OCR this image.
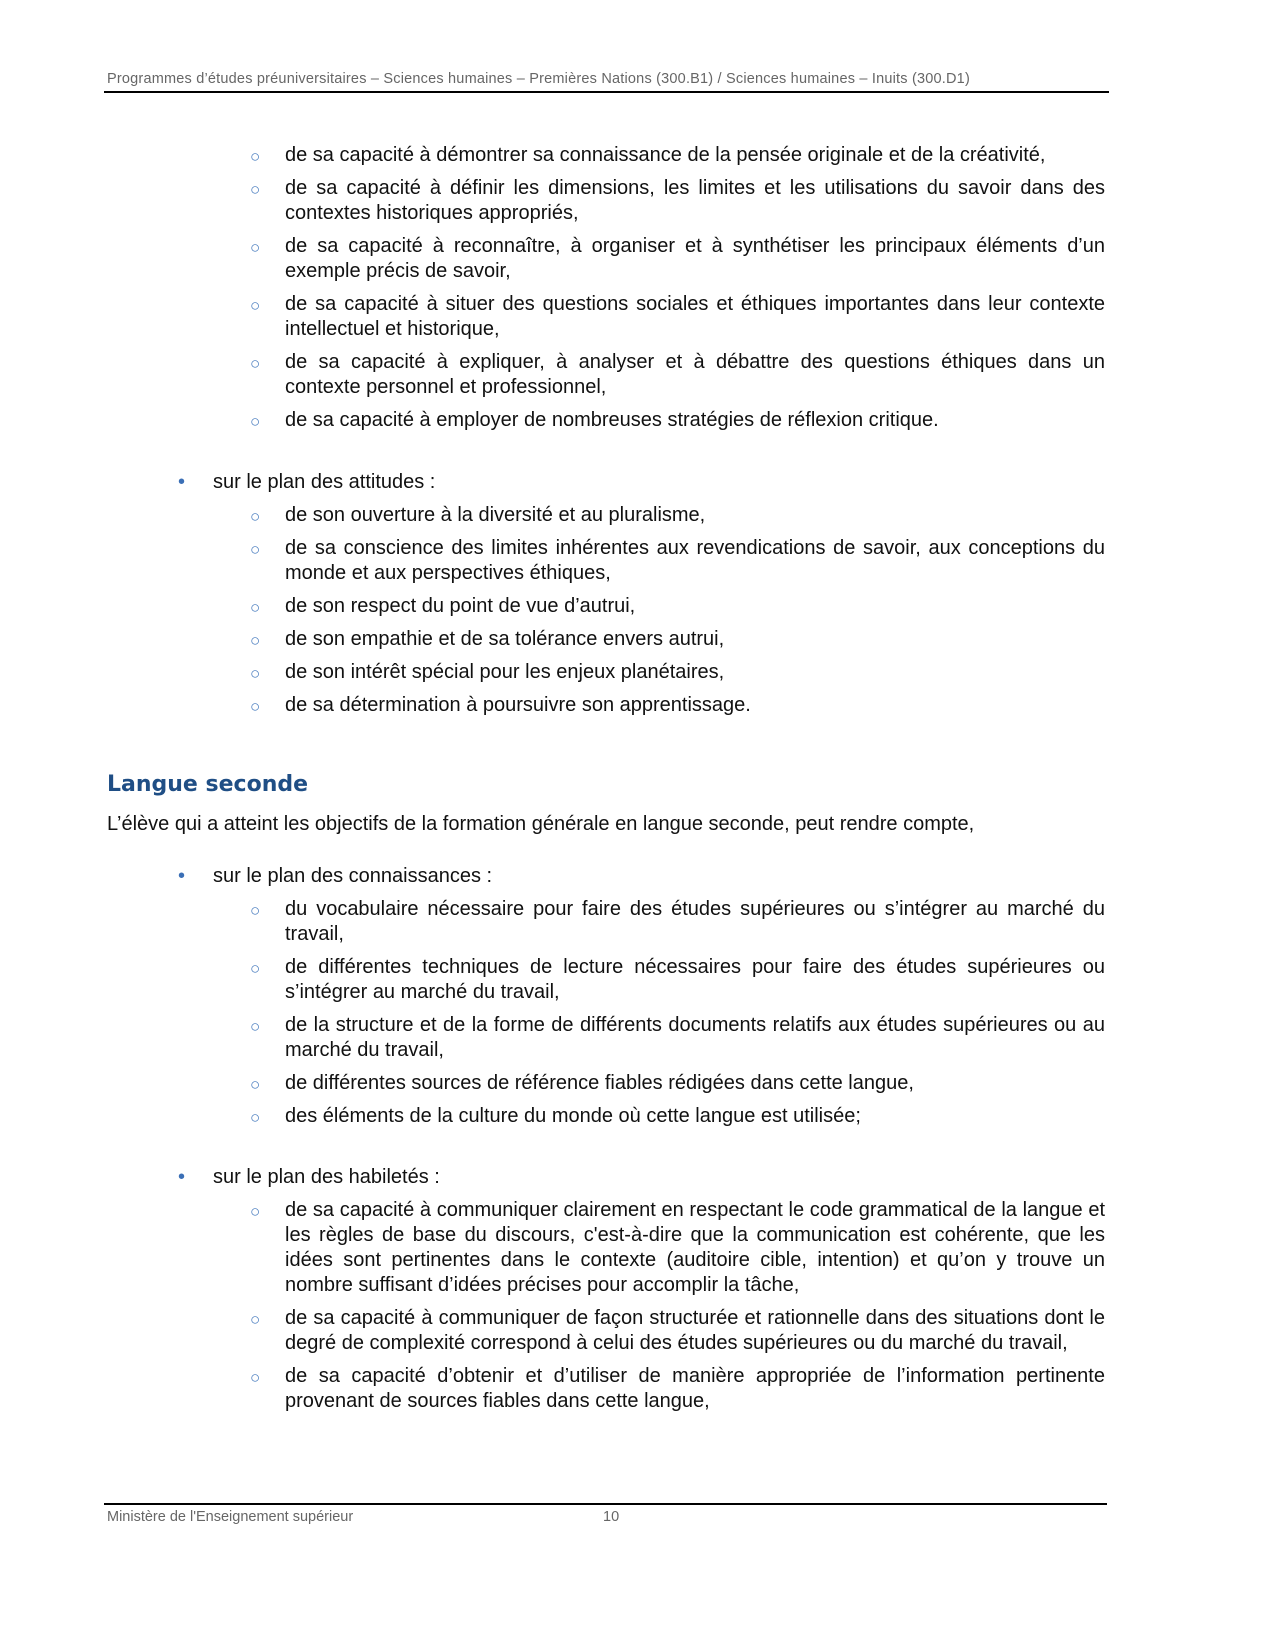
Programmes d’études préuniversitaires – Sciences humaines – Premières Nations (300.B1) / Sciences humaines – Inuits (300.D1)
○ de sa capacité à démontrer sa connaissance de la pensée originale et de la créativité,
○ de sa capacité à définir les dimensions, les limites et les utilisations du savoir dans des contextes historiques appropriés,
○ de sa capacité à reconnaître, à organiser et à synthétiser les principaux éléments d’un exemple précis de savoir,
○ de sa capacité à situer des questions sociales et éthiques importantes dans leur contexte intellectuel et historique,
○ de sa capacité à expliquer, à analyser et à débattre des questions éthiques dans un contexte personnel et professionnel,
○ de sa capacité à employer de nombreuses stratégies de réflexion critique.
• sur le plan des attitudes :
○ de son ouverture à la diversité et au pluralisme,
○ de sa conscience des limites inhérentes aux revendications de savoir, aux conceptions du monde et aux perspectives éthiques,
○ de son respect du point de vue d’autrui,
○ de son empathie et de sa tolérance envers autrui,
○ de son intérêt spécial pour les enjeux planétaires,
○ de sa détermination à poursuivre son apprentissage.
Langue seconde
L’élève qui a atteint les objectifs de la formation générale en langue seconde, peut rendre compte,
• sur le plan des connaissances :
○ du vocabulaire nécessaire pour faire des études supérieures ou s’intégrer au marché du travail,
○ de différentes techniques de lecture nécessaires pour faire des études supérieures ou s’intégrer au marché du travail,
○ de la structure et de la forme de différents documents relatifs aux études supérieures ou au marché du travail,
○ de différentes sources de référence fiables rédigées dans cette langue,
○ des éléments de la culture du monde où cette langue est utilisée;
• sur le plan des habiletés :
○ de sa capacité à communiquer clairement en respectant le code grammatical de la langue et les règles de base du discours, c'est-à-dire que la communication est cohérente, que les idées sont pertinentes dans le contexte (auditoire cible, intention) et qu’on y trouve un nombre suffisant d’idées précises pour accomplir la tâche,
○ de sa capacité à communiquer de façon structurée et rationnelle dans des situations dont le degré de complexité correspond à celui des études supérieures ou du marché du travail,
○ de sa capacité d’obtenir et d’utiliser de manière appropriée de l’information pertinente provenant de sources fiables dans cette langue,
Ministère de l'Enseignement supérieur	10
